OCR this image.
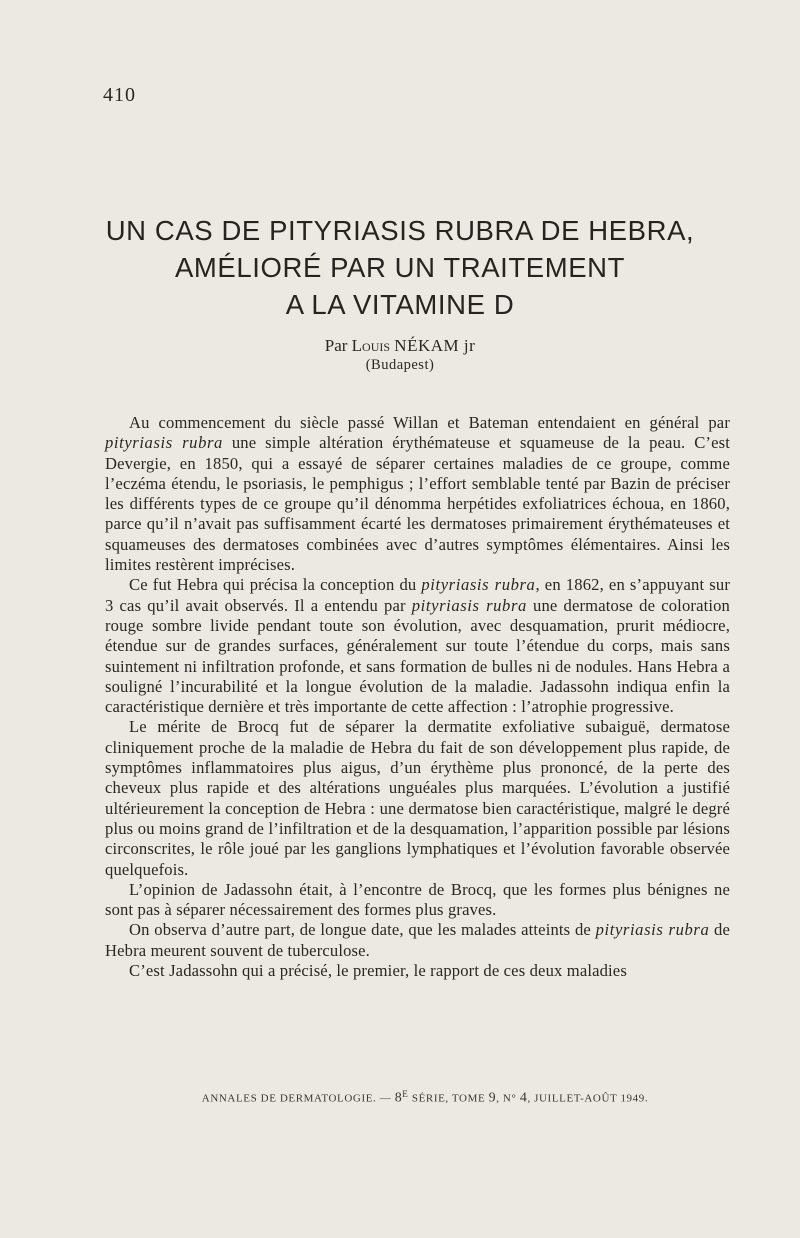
410
UN CAS DE PITYRIASIS RUBRA DE HEBRA,
AMÉLIORÉ PAR UN TRAITEMENT
A LA VITAMINE D
Par Louis NÉKAM jr
(Budapest)

Au commencement du siècle passé Willan et Bateman entendaient en général par pityriasis rubra une simple altération érythémateuse et squameuse de la peau. C’est Devergie, en 1850, qui a essayé de séparer certaines maladies de ce groupe, comme l’eczéma étendu, le psoriasis, le pemphigus ; l’effort semblable tenté par Bazin de préciser les différents types de ce groupe qu’il dénomma herpétides exfoliatrices échoua, en 1860, parce qu’il n’avait pas suffisamment écarté les dermatoses primairement érythémateuses et squameuses des dermatoses combinées avec d’autres symptômes élémentaires. Ainsi les limites restèrent imprécises.

Ce fut Hebra qui précisa la conception du pityriasis rubra, en 1862, en s’appuyant sur 3 cas qu’il avait observés. Il a entendu par pityriasis rubra une dermatose de coloration rouge sombre livide pendant toute son évolution, avec desquamation, prurit médiocre, étendue sur de grandes surfaces, généralement sur toute l’étendue du corps, mais sans suintement ni infiltration profonde, et sans formation de bulles ni de nodules. Hans Hebra a souligné l’incurabilité et la longue évolution de la maladie. Jadassohn indiqua enfin la caractéristique dernière et très importante de cette affection : l’atrophie progressive.

Le mérite de Brocq fut de séparer la dermatite exfoliative subaiguë, dermatose cliniquement proche de la maladie de Hebra du fait de son développement plus rapide, de symptômes inflammatoires plus aigus, d’un érythème plus prononcé, de la perte des cheveux plus rapide et des altérations unguéales plus marquées. L’évolution a justifié ultérieurement la conception de Hebra : une dermatose bien caractéristique, malgré le degré plus ou moins grand de l’infiltration et de la desquamation, l’apparition possible par lésions circonscrites, le rôle joué par les ganglions lymphatiques et l’évolution favorable observée quelquefois.

L’opinion de Jadassohn était, à l’encontre de Brocq, que les formes plus bénignes ne sont pas à séparer nécessairement des formes plus graves.

On observa d’autre part, de longue date, que les malades atteints de pityriasis rubra de Hebra meurent souvent de tuberculose.

C’est Jadassohn qui a précisé, le premier, le rapport de ces deux maladies

ANNALES DE DERMATOLOGIE. — $8^E$ SÉRIE, TOME 9, N° 4, JUILLET-AOÛT 1949.
